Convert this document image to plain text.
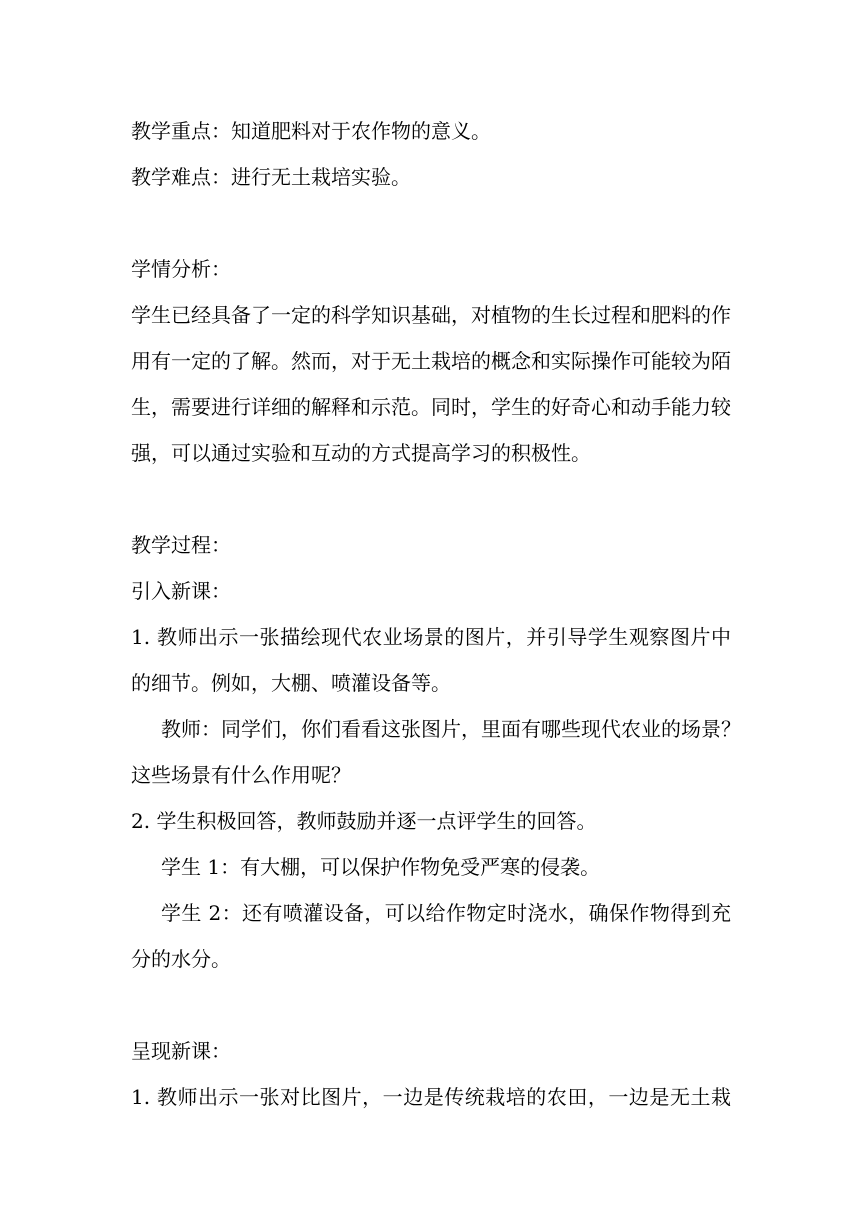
教学重点：知道肥料对于农作物的意义。
教学难点：进行无土栽培实验。
学情分析：
学生已经具备了一定的科学知识基础，对植物的生长过程和肥料的作
用有一定的了解。然而，对于无土栽培的概念和实际操作可能较为陌
生，需要进行详细的解释和示范。同时，学生的好奇心和动手能力较
强，可以通过实验和互动的方式提高学习的积极性。
教学过程：
引入新课：
1. 教师出示一张描绘现代农业场景的图片，并引导学生观察图片中
的细节。例如，大棚、喷灌设备等。
教师：同学们，你们看看这张图片，里面有哪些现代农业的场景？
这些场景有什么作用呢？
2. 学生积极回答，教师鼓励并逐一点评学生的回答。
学生 1：有大棚，可以保护作物免受严寒的侵袭。
学生 2：还有喷灌设备，可以给作物定时浇水，确保作物得到充
分的水分。
呈现新课：
1. 教师出示一张对比图片，一边是传统栽培的农田，一边是无土栽
